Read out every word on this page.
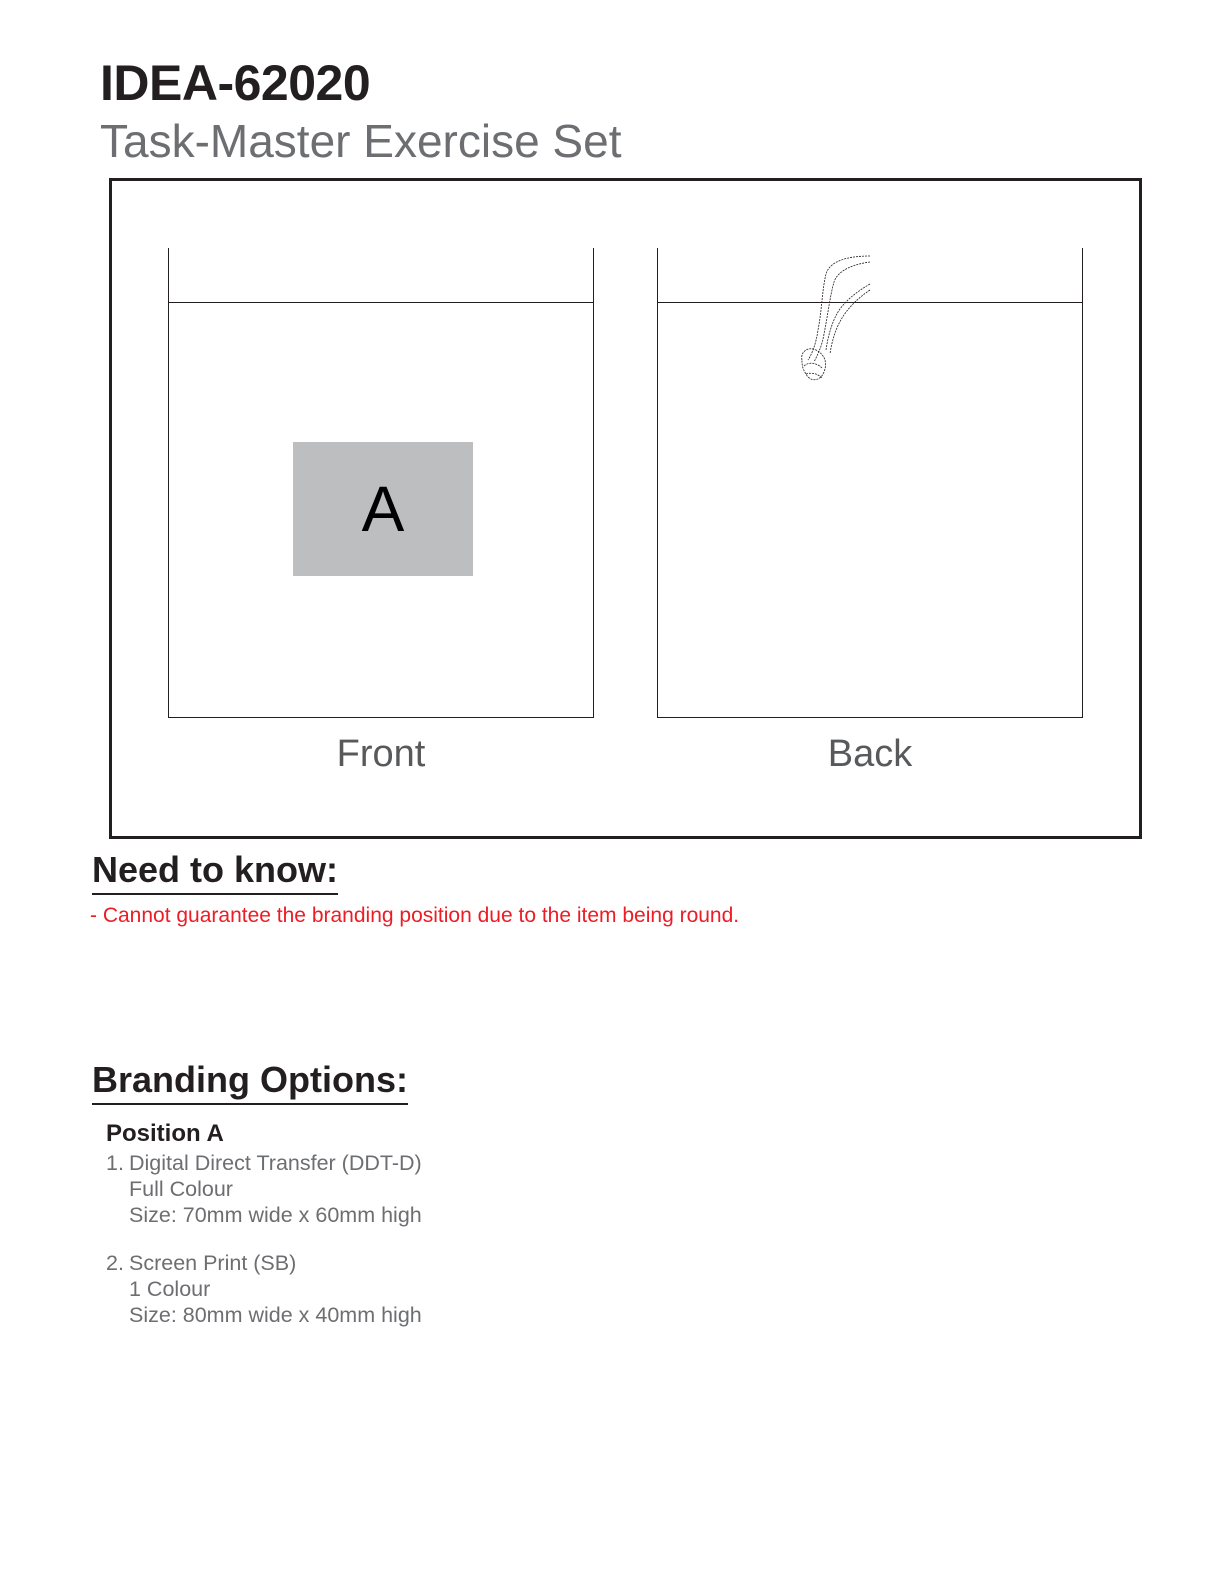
IDEA-62020
Task-Master Exercise Set
A
Front	Back
Need to know:
- Cannot guarantee the branding position due to the item being round.
Branding Options:
Position A
1. Digital Direct Transfer (DDT-D)
Full Colour
Size: 70mm wide x 60mm high
2. Screen Print (SB)
1 Colour
Size: 80mm wide x 40mm high
